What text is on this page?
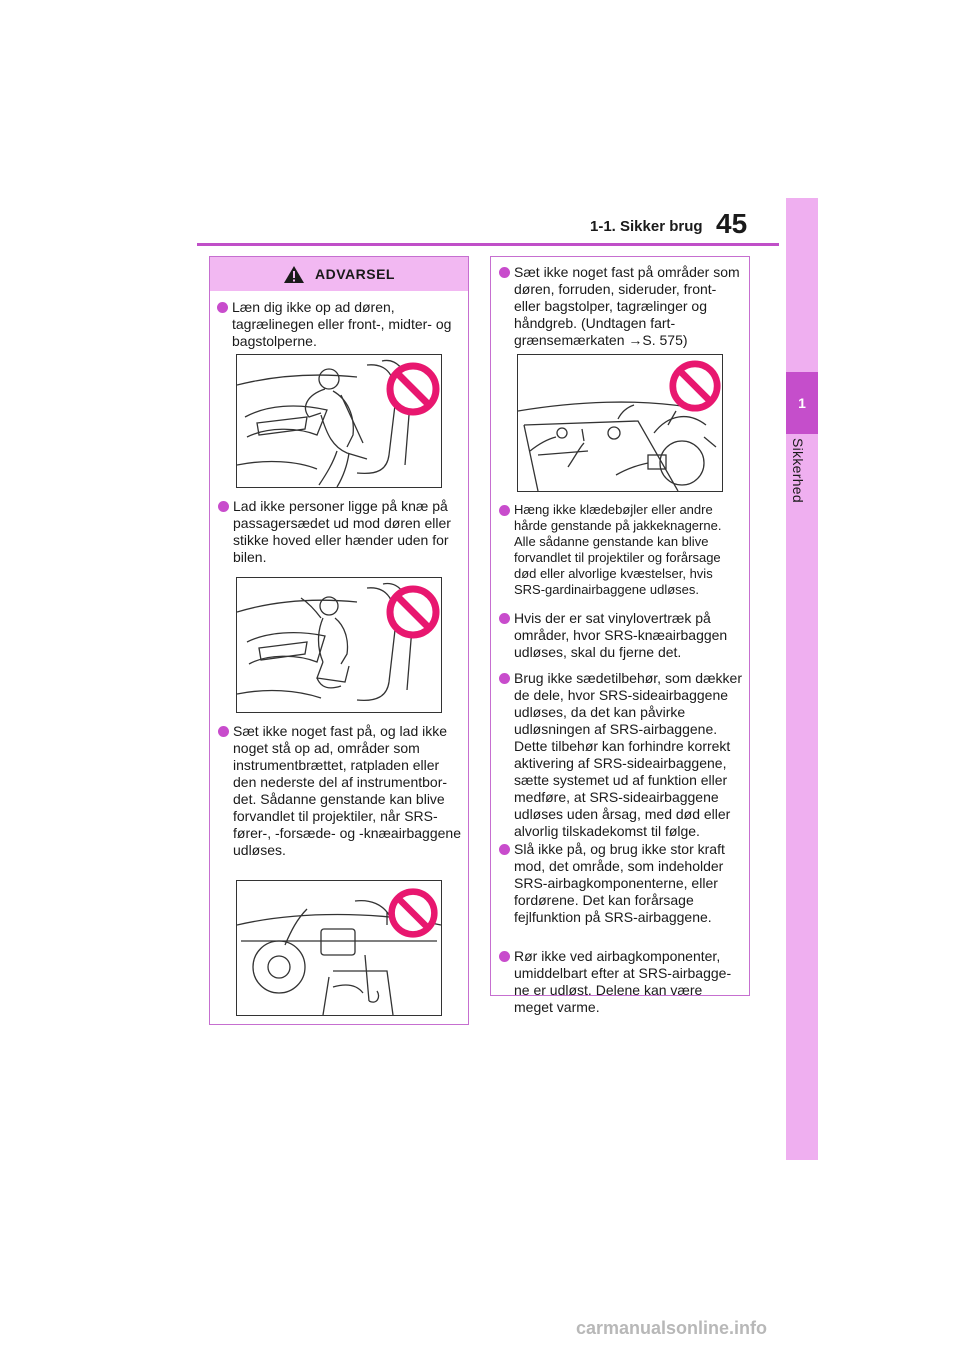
1-1. Sikker brug 45
1
Sikkerhed
ADVARSEL
Læn dig ikke op ad døren, tagrælinegen eller front-, midter- og bagstolperne.
Lad ikke personer ligge på knæ på passagersædet ud mod døren eller stikke hoved eller hænder uden for bilen.
Sæt ikke noget fast på, og lad ikke noget stå op ad, områder som instrumentbrættet, ratpladen eller den nederste del af instrumentbordet. Sådanne genstande kan blive forvandlet til projektiler, når SRS-fører-, -forsæde- og -knæairbaggene udløses.
Sæt ikke noget fast på områder som døren, forruden, sideruder, front- eller bagstolper, tagrælinger og håndgreb. (Undtagen fartgrænsemærkaten →S. 575)
Hæng ikke klædebøjler eller andre hårde genstande på jakkeknagerne. Alle sådanne genstande kan blive forvandlet til projektiler og forårsage død eller alvorlige kvæstelser, hvis SRS-gardinairbaggene udløses.
Hvis der er sat vinylovertræk på områder, hvor SRS-knæairbaggen udløses, skal du fjerne det.
Brug ikke sædetilbehør, som dækker de dele, hvor SRS-sideairbaggene udløses, da det kan påvirke udløsningen af SRS-airbaggene. Dette tilbehør kan forhindre korrekt aktivering af SRS-sideairbaggene, sætte systemet ud af funktion eller medføre, at SRS-sideairbaggene udløses uden årsag, med død eller alvorlig tilskadekomst til følge.
Slå ikke på, og brug ikke stor kraft mod, det område, som indeholder SRS-airbagkomponenterne, eller fordørene. Det kan forårsage fejlfunktion på SRS-airbaggene.
Rør ikke ved airbagkomponenter, umiddelbart efter at SRS-airbaggene er udløst. Delene kan være meget varme.
carmanualsonline.info
